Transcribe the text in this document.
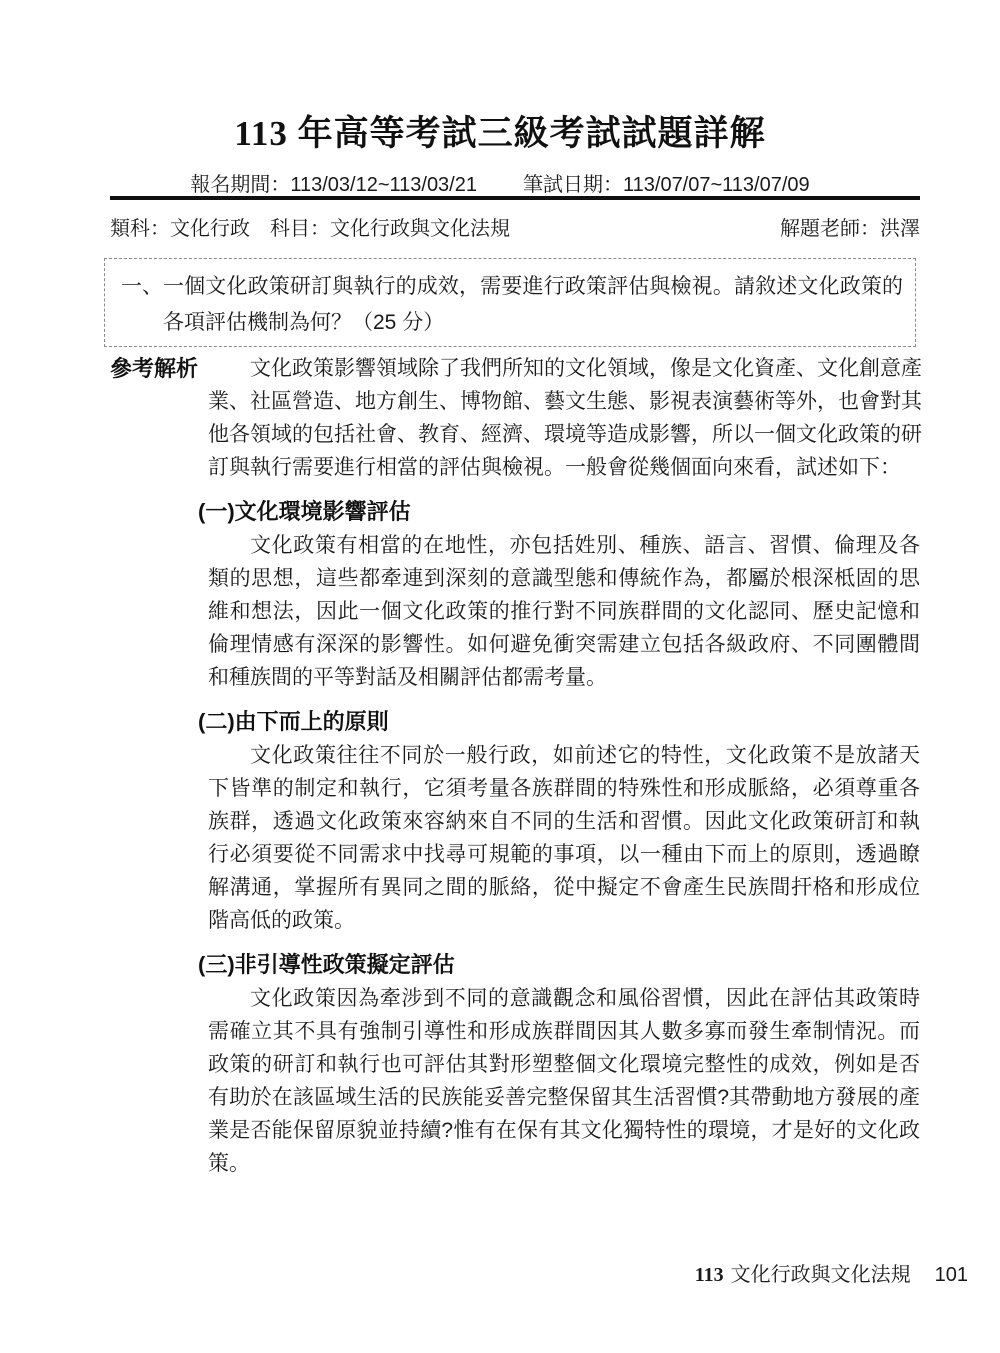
113 年高等考試三級考試試題詳解
報名期間：113/03/12~113/03/21 筆試日期：113/07/07~113/07/09
類科：文化行政　科目：文化行政與文化法規	解題老師：洪澤
一、 一個文化政策研訂與執行的成效，需要進行政策評估與檢視。請敘述文化政策的各項評估機制為何？（25 分）
參考解析	文化政策影響領域除了我們所知的文化領域，像是文化資產、文化創意產業、社區營造、地方創生、博物館、藝文生態、影視表演藝術等外，也會對其他各領域的包括社會、教育、經濟、環境等造成影響，所以一個文化政策的研訂與執行需要進行相當的評估與檢視。一般會從幾個面向來看，試述如下：

(一)文化環境影響評估

文化政策有相當的在地性，亦包括姓別、種族、語言、習慣、倫理及各類的思想，這些都牽連到深刻的意識型態和傳統作為，都屬於根深柢固的思維和想法，因此一個文化政策的推行對不同族群間的文化認同、歷史記憶和倫理情感有深深的影響性。如何避免衝突需建立包括各級政府、不同團體間和種族間的平等對話及相關評估都需考量。

(二)由下而上的原則

文化政策往往不同於一般行政，如前述它的特性，文化政策不是放諸天下皆準的制定和執行，它須考量各族群間的特殊性和形成脈絡，必須尊重各族群，透過文化政策來容納來自不同的生活和習慣。因此文化政策研訂和執行必須要從不同需求中找尋可規範的事項，以一種由下而上的原則，透過瞭解溝通，掌握所有異同之間的脈絡，從中擬定不會產生民族間扞格和形成位階高低的政策。

(三)非引導性政策擬定評估

文化政策因為牽涉到不同的意識觀念和風俗習慣，因此在評估其政策時需確立其不具有強制引導性和形成族群間因其人數多寡而發生牽制情況。而政策的研訂和執行也可評估其對形塑整個文化環境完整性的成效，例如是否有助於在該區域生活的民族能妥善完整保留其生活習慣?其帶動地方發展的產業是否能保留原貌並持續?惟有在保有其文化獨特性的環境，才是好的文化政策。

113 文化行政與文化法規 101
